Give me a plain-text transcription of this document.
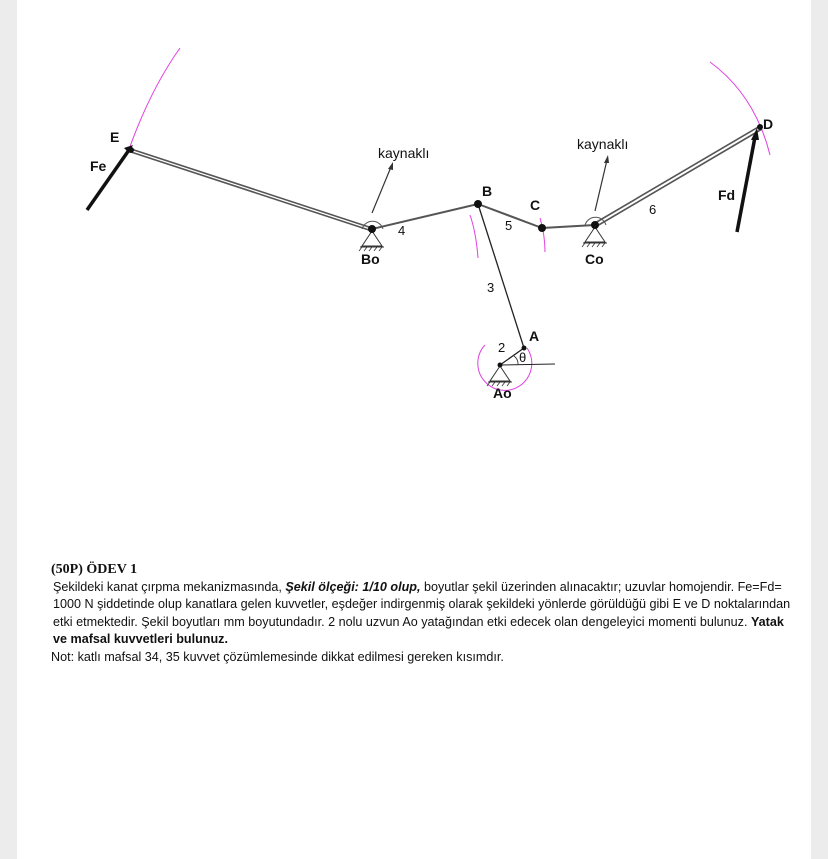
E
Fe
D
Fd
B
C
A
Bo	Co
Ao
2
3
4	5
6
θ
kaynaklı
kaynaklı
(50P) ÖDEV 1
Şekildeki kanat çırpma mekanizmasında, Şekil ölçeği: 1/10 olup, boyutlar şekil üzerinden alınacaktır; uzuvlar homojendir. Fe=Fd= 1000 N şiddetinde olup kanatlara gelen kuvvetler, eşdeğer indirgenmiş olarak şekildeki yönlerde görüldüğü gibi E ve D noktalarından etki etmektedir. Şekil boyutları mm boyutundadır. 2 nolu uzvun Ao yatağından etki edecek olan dengeleyici momenti bulunuz. Yatak ve mafsal kuvvetleri bulunuz.
Not: katlı mafsal 34, 35 kuvvet çözümlemesinde dikkat edilmesi gereken kısımdır.
